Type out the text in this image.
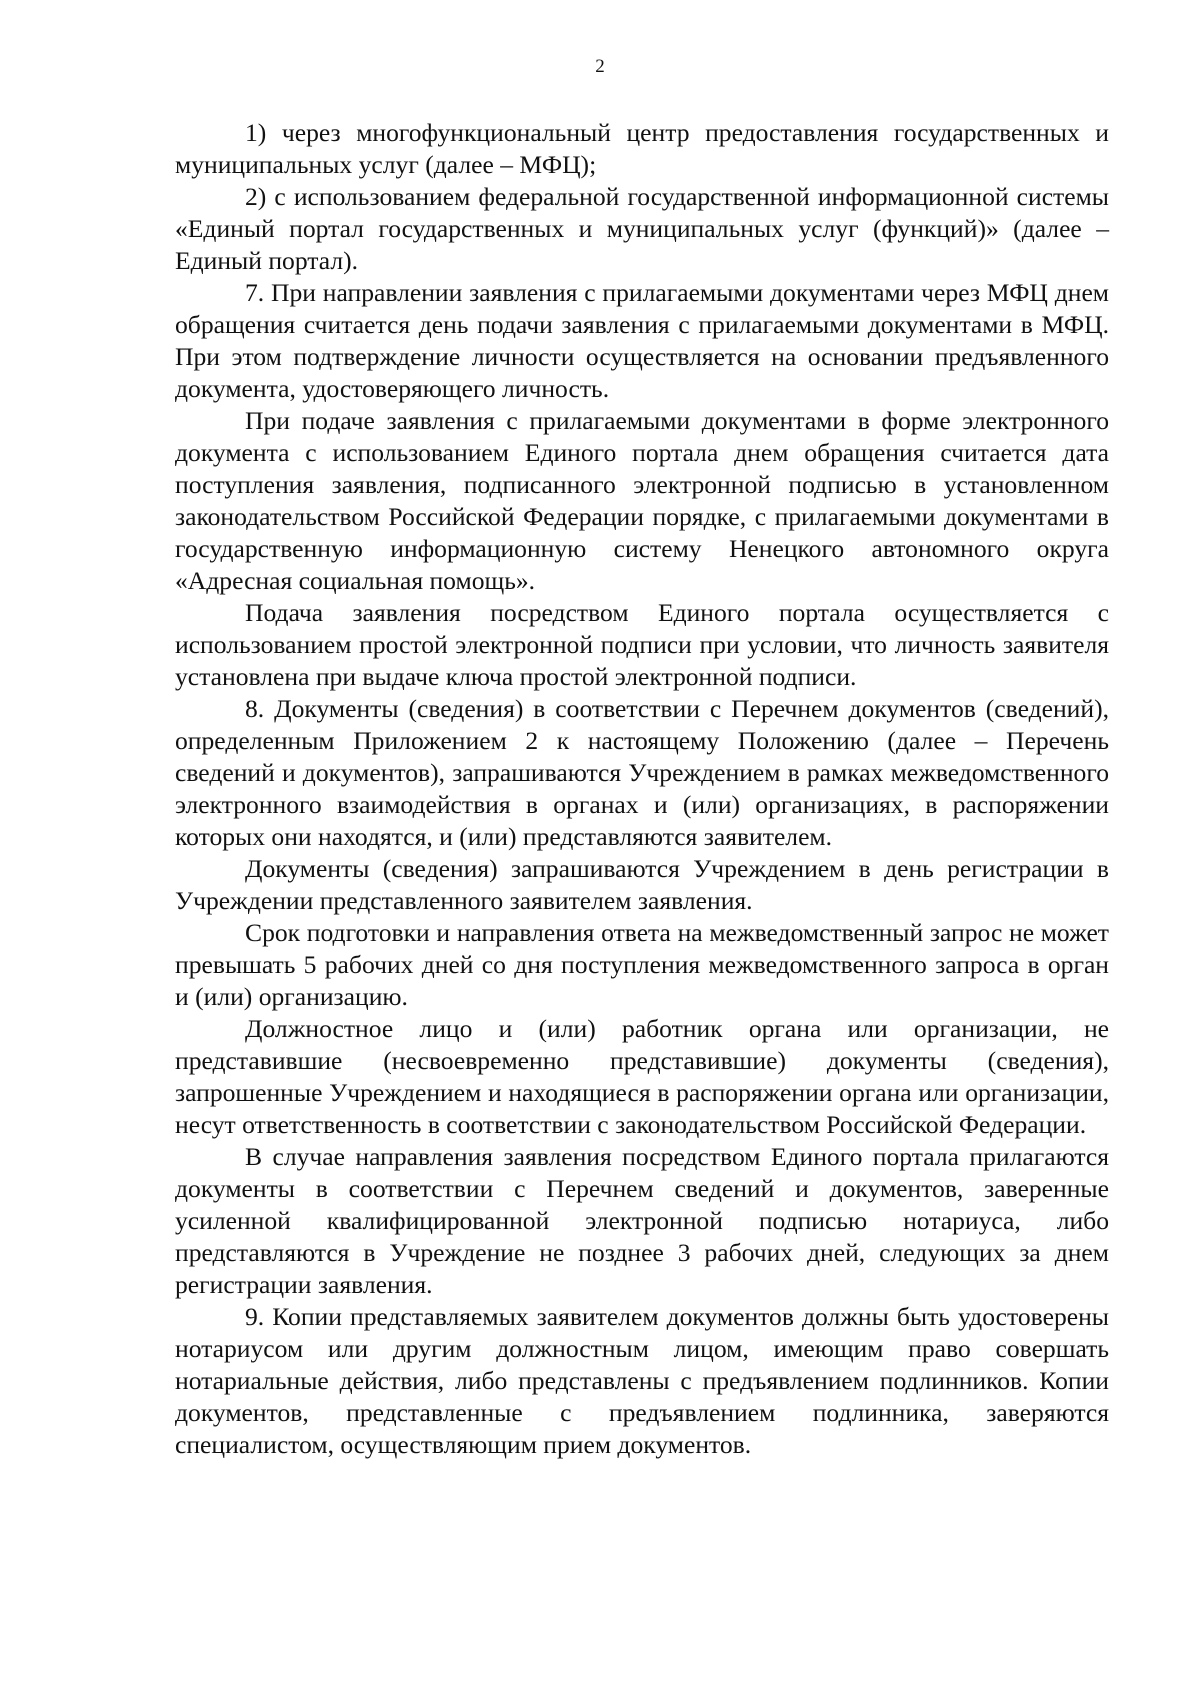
2

1) через многофункциональный центр предоставления государственных и муниципальных услуг (далее – МФЦ);

2) с использованием федеральной государственной информационной системы «Единый портал государственных и муниципальных услуг (функций)» (далее – Единый портал).

7. При направлении заявления с прилагаемыми документами через МФЦ днем обращения считается день подачи заявления с прилагаемыми документами в МФЦ. При этом подтверждение личности осуществляется на основании предъявленного документа, удостоверяющего личность.

При подаче заявления с прилагаемыми документами в форме электронного документа с использованием Единого портала днем обращения считается дата поступления заявления, подписанного электронной подписью в установленном законодательством Российской Федерации порядке, с прилагаемыми документами в государственную информационную систему Ненецкого автономного округа «Адресная социальная помощь».

Подача заявления посредством Единого портала осуществляется с использованием простой электронной подписи при условии, что личность заявителя установлена при выдаче ключа простой электронной подписи.

8. Документы (сведения) в соответствии с Перечнем документов (сведений), определенным Приложением 2 к настоящему Положению (далее – Перечень сведений и документов), запрашиваются Учреждением в рамках межведомственного электронного взаимодействия в органах и (или) организациях, в распоряжении которых они находятся, и (или) представляются заявителем.

Документы (сведения) запрашиваются Учреждением в день регистрации в Учреждении представленного заявителем заявления.

Срок подготовки и направления ответа на межведомственный запрос не может превышать 5 рабочих дней со дня поступления межведомственного запроса в орган и (или) организацию.

Должностное лицо и (или) работник органа или организации, не представившие (несвоевременно представившие) документы (сведения), запрошенные Учреждением и находящиеся в распоряжении органа или организации, несут ответственность в соответствии с законодательством Российской Федерации.

В случае направления заявления посредством Единого портала прилагаются документы в соответствии с Перечнем сведений и документов, заверенные усиленной квалифицированной электронной подписью нотариуса, либо представляются в Учреждение не позднее 3 рабочих дней, следующих за днем регистрации заявления.

9. Копии представляемых заявителем документов должны быть удостоверены нотариусом или другим должностным лицом, имеющим право совершать нотариальные действия, либо представлены с предъявлением подлинников. Копии документов, представленные с предъявлением подлинника, заверяются специалистом, осуществляющим прием документов.
